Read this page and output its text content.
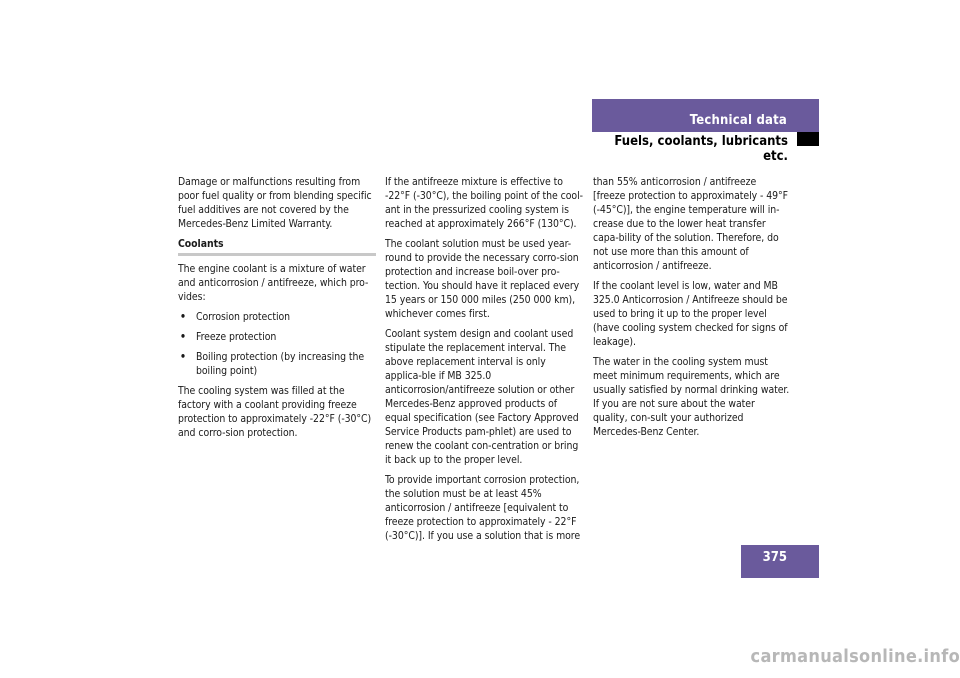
Technical data
Fuels, coolants, lubricants etc.

Damage or malfunctions resulting from poor fuel quality or from blending specific fuel additives are not covered by the Mercedes-Benz Limited Warranty.

Coolants

The engine coolant is a mixture of water and anticorrosion / antifreeze, which pro-vides:

• Corrosion protection
• Freeze protection
• Boiling protection (by increasing the boiling point)

The cooling system was filled at the factory with a coolant providing freeze protection to approximately -22°F (-30°C) and corro-sion protection.

If the antifreeze mixture is effective to -22°F (-30°C), the boiling point of the cool-ant in the pressurized cooling system is reached at approximately 266°F (130°C).

The coolant solution must be used year-round to provide the necessary corro-sion protection and increase boil-over pro-tection. You should have it replaced every 15 years or 150 000 miles (250 000 km), whichever comes first.

Coolant system design and coolant used stipulate the replacement interval. The above replacement interval is only applica-ble if MB 325.0 anticorrosion/antifreeze solution or other Mercedes-Benz approved products of equal specification (see Factory Approved Service Products pam-phlet) are used to renew the coolant con-centration or bring it back up to the proper level.

To provide important corrosion protection, the solution must be at least 45% anticorrosion / antifreeze [equivalent to freeze protection to approximately - 22°F (-30°C)]. If you use a solution that is more

than 55% anticorrosion / antifreeze [freeze protection to approximately - 49°F (-45°C)], the engine temperature will in-crease due to the lower heat transfer capa-bility of the solution. Therefore, do not use more than this amount of anticorrosion / antifreeze.

If the coolant level is low, water and MB 325.0 Anticorrosion / Antifreeze should be used to bring it up to the proper level (have cooling system checked for signs of leakage).

The water in the cooling system must meet minimum requirements, which are usually satisfied by normal drinking water. If you are not sure about the water quality, con-sult your authorized Mercedes-Benz Center.

375
carmanualsonline.info
